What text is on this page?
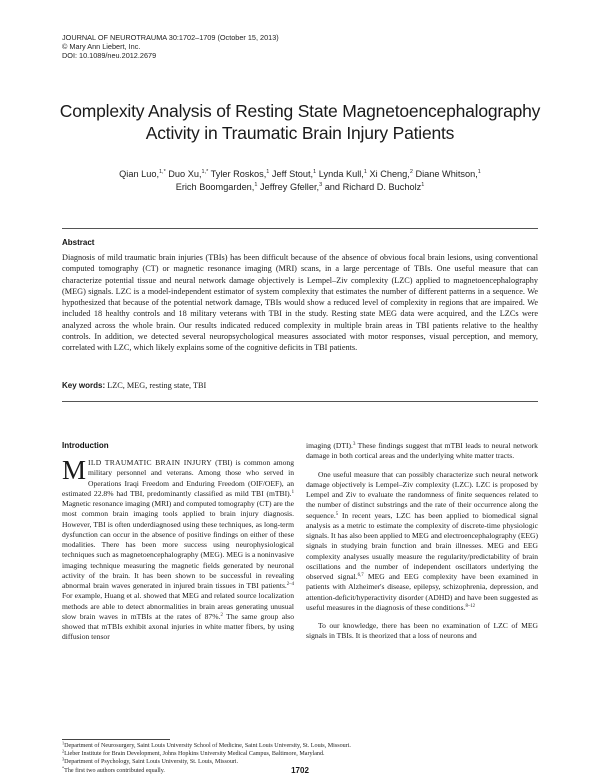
JOURNAL OF NEUROTRAUMA 30:1702–1709 (October 15, 2013)
© Mary Ann Liebert, Inc.
DOI: 10.1089/neu.2012.2679
Complexity Analysis of Resting State Magnetoencephalography
Activity in Traumatic Brain Injury Patients
Qian Luo,$^{1,*}$ Duo Xu,$^{1,*}$ Tyler Roskos,$^1$ Jeff Stout,$^1$ Lynda Kull,$^1$ Xi Cheng,$^2$ Diane Whitson,$^1$
Erich Boomgarden,$^1$ Jeffrey Gfeller,$^3$ and Richard D. Bucholz$^1$
Abstract
Diagnosis of mild traumatic brain injuries (TBIs) has been difficult because of the absence of obvious focal brain lesions, using conventional computed tomography (CT) or magnetic resonance imaging (MRI) scans, in a large percentage of TBIs. One useful measure that can characterize potential tissue and neural network damage objectively is Lempel–Ziv complexity (LZC) applied to magnetoencephalography (MEG) signals. LZC is a model-independent estimator of system complexity that estimates the number of different patterns in a sequence. We hypothesized that because of the potential network damage, TBIs would show a reduced level of complexity in regions that are impaired. We included 18 healthy controls and 18 military veterans with TBI in the study. Resting state MEG data were acquired, and the LZCs were analyzed across the whole brain. Our results indicated reduced complexity in multiple brain areas in TBI patients relative to the healthy controls. In addition, we detected several neuropsychological measures associated with motor responses, visual perception, and memory, correlated with LZC, which likely explains some of the cognitive deficits in TBI patients.
Key words: LZC, MEG, resting state, TBI
Introduction

MILD TRAUMATIC BRAIN INJURY (TBI) is common among military personnel and veterans. Among those who served in Operations Iraqi Freedom and Enduring Freedom (OIF/OEF), an estimated 22.8% had TBI, predominantly classified as mild TBI (mTBI).$^1$ Magnetic resonance imaging (MRI) and computed tomography (CT) are the most common brain imaging tools applied to brain injury diagnosis. However, TBI is often underdiagnosed using these techniques, as long-term dysfunction can occur in the absence of positive findings on either of these modalities. There has been more success using neurophysiological techniques such as magnetoencephalography (MEG). MEG is a noninvasive imaging technique measuring the magnetic fields generated by neuronal activity of the brain. It has been shown to be successful in revealing abnormal brain waves generated in injured brain tissues in TBI patients.$^{2-4}$ For example, Huang et al. showed that MEG and related source localization methods are able to detect abnormalities in brain areas generating unusual slow brain waves in mTBIs at the rates of 87%.$^2$ The same group also showed that mTBIs exhibit axonal injuries in white matter fibers, by using diffusion tensor

imaging (DTI).$^3$ These findings suggest that mTBI leads to neural network damage in both cortical areas and the underlying white matter tracts.

One useful measure that can possibly characterize such neural network damage objectively is Lempel–Ziv complexity (LZC). LZC is proposed by Lempel and Ziv to evaluate the randomness of finite sequences related to the number of distinct substrings and the rate of their occurrence along the sequence.$^5$ In recent years, LZC has been applied to biomedical signal analysis as a metric to estimate the complexity of discrete-time physiologic signals. It has also been applied to MEG and electroencephalography (EEG) signals in studying brain function and brain illnesses. MEG and EEG complexity analyses usually measure the regularity/predictability of brain oscillations and the number of independent oscillators underlying the observed signal.$^{6,7}$ MEG and EEG complexity have been examined in patients with Alzheimer's disease, epilepsy, schizophrenia, depression, and attention-deficit/hyperactivity disorder (ADHD) and have been suggested as useful measures in the diagnosis of these conditions.$^{8-12}$

To our knowledge, there has been no examination of LZC of MEG signals in TBIs. It is theorized that a loss of neurons and

$^1$Department of Neurosurgery, Saint Louis University School of Medicine, Saint Louis University, St. Louis, Missouri.
$^2$Lieber Institute for Brain Development, Johns Hopkins University Medical Campus, Baltimore, Maryland.
$^3$Department of Psychology, Saint Louis University, St. Louis, Missouri.
*The first two authors contributed equally.	1702
